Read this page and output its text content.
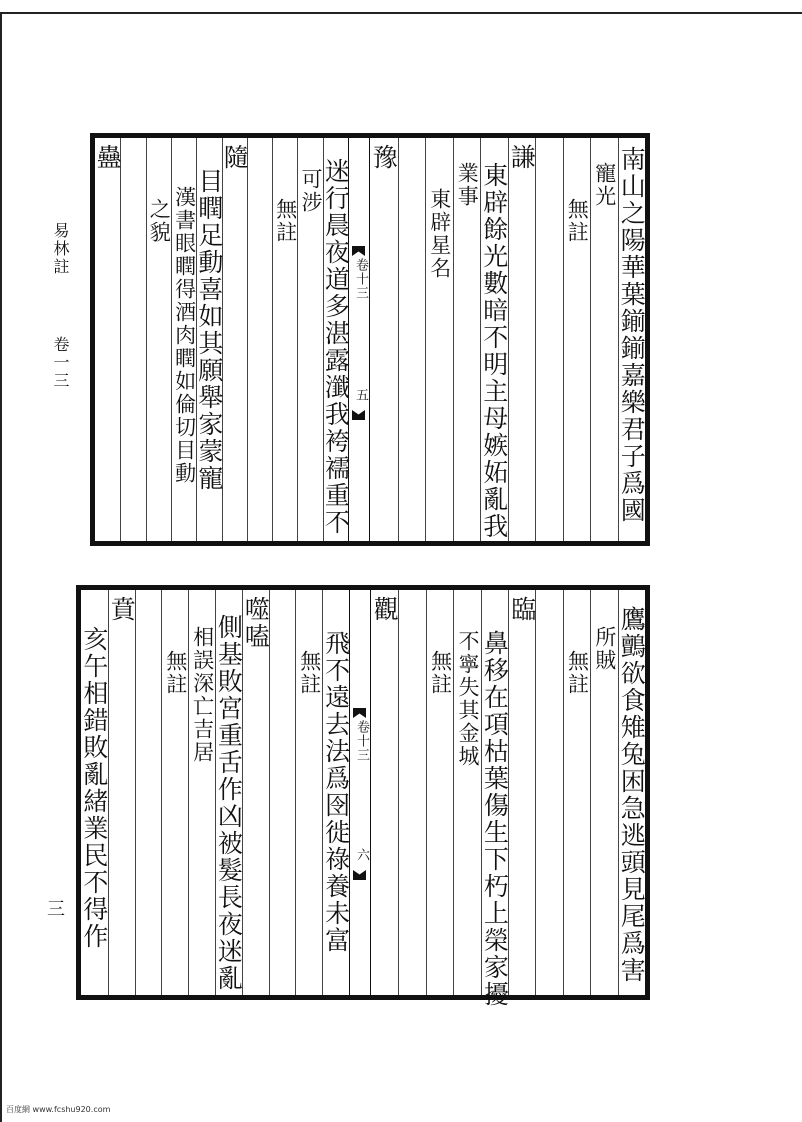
易林註  卷一三
三
百度網 www.fcshu920.com
南山之陽華葉鎆鎆嘉樂君子爲國
寵光
無註
謙
東辟餘光數暗不明主母嫉妬亂我
業事
東辟星名
豫
卷十三
五
迷行晨夜道多湛露瀸我袴襦重不
可涉
無註
隨
目瞤足動喜如其願舉家蒙寵
漢書眼瞤得酒肉瞤如倫切目動
之貌
蠱
鷹鸇欲食雉兔困急逃頭見尾爲害
所賊
無註
臨
鼻移在項枯葉傷生下朽上榮家擾
不寧失其金城
無註
觀
卷十三
六
飛不遠去法爲囹徙祿養未富
無註
噬嗑
側基敗宮重舌作凶被髮長夜迷亂
相誤深亡吉居
無註
賁
亥午相錯敗亂緒業民不得作
